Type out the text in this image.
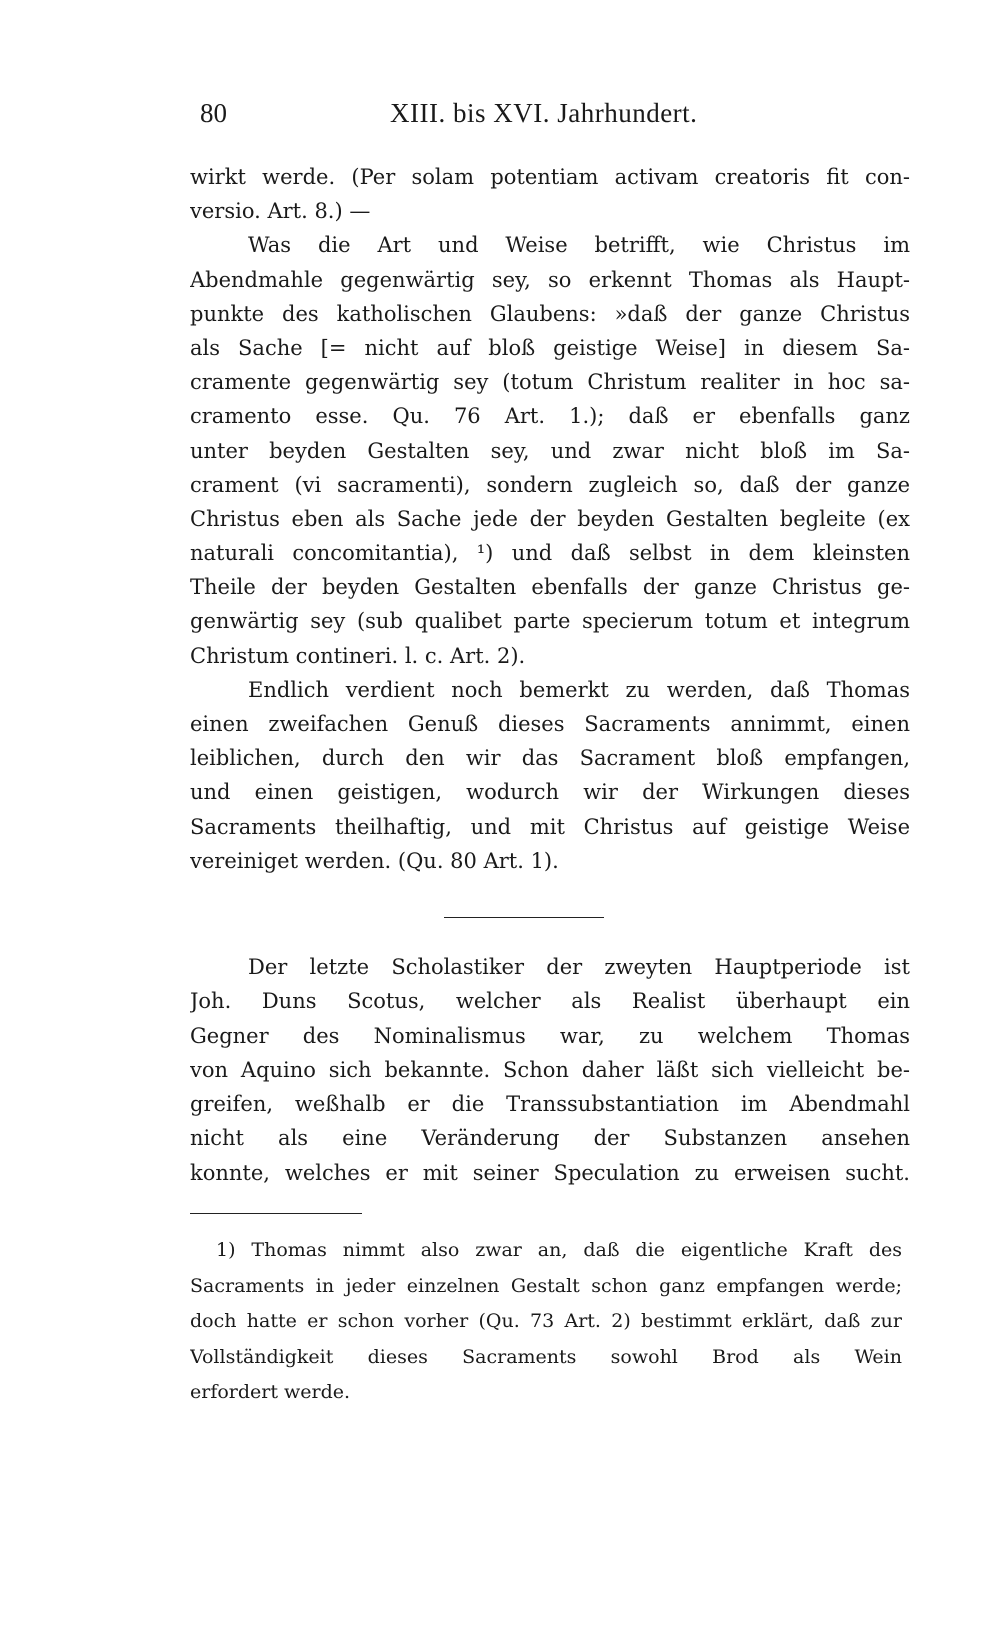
80	XIII. bis XVI. Jahrhundert.
wirkt werde. (Per solam potentiam activam creatoris fit con-
versio. Art. 8.) —
Was die Art und Weise betrifft, wie Christus im
Abendmahle gegenwärtig sey, so erkennt Thomas als Haupt-
punkte des katholischen Glaubens: »daß der ganze Christus
als Sache [= nicht auf bloß geistige Weise] in diesem Sa-
cramente gegenwärtig sey (totum Christum realiter in hoc sa-
cramento esse. Qu. 76 Art. 1.); daß er ebenfalls ganz
unter beyden Gestalten sey, und zwar nicht bloß im Sa-
crament (vi sacramenti), sondern zugleich so, daß der ganze
Christus eben als Sache jede der beyden Gestalten begleite (ex
naturali concomitantia), ¹) und daß selbst in dem kleinsten
Theile der beyden Gestalten ebenfalls der ganze Christus ge-
genwärtig sey (sub qualibet parte specierum totum et integrum
Christum contineri. l. c. Art. 2).
Endlich verdient noch bemerkt zu werden, daß Thomas
einen zweifachen Genuß dieses Sacraments annimmt, einen
leiblichen, durch den wir das Sacrament bloß empfangen,
und einen geistigen, wodurch wir der Wirkungen dieses
Sacraments theilhaftig, und mit Christus auf geistige Weise
vereiniget werden. (Qu. 80 Art. 1).
Der letzte Scholastiker der zweyten Hauptperiode ist
Joh. Duns Scotus, welcher als Realist überhaupt ein
Gegner des Nominalismus war, zu welchem Thomas
von Aquino sich bekannte. Schon daher läßt sich vielleicht be-
greifen, weßhalb er die Transsubstantiation im Abendmahl
nicht als eine Veränderung der Substanzen ansehen
konnte, welches er mit seiner Speculation zu erweisen sucht.
1) Thomas nimmt also zwar an, daß die eigentliche Kraft des
Sacraments in jeder einzelnen Gestalt schon ganz empfangen werde;
doch hatte er schon vorher (Qu. 73 Art. 2) bestimmt erklärt, daß zur
Vollständigkeit dieses Sacraments sowohl Brod als Wein
erfordert werde.
